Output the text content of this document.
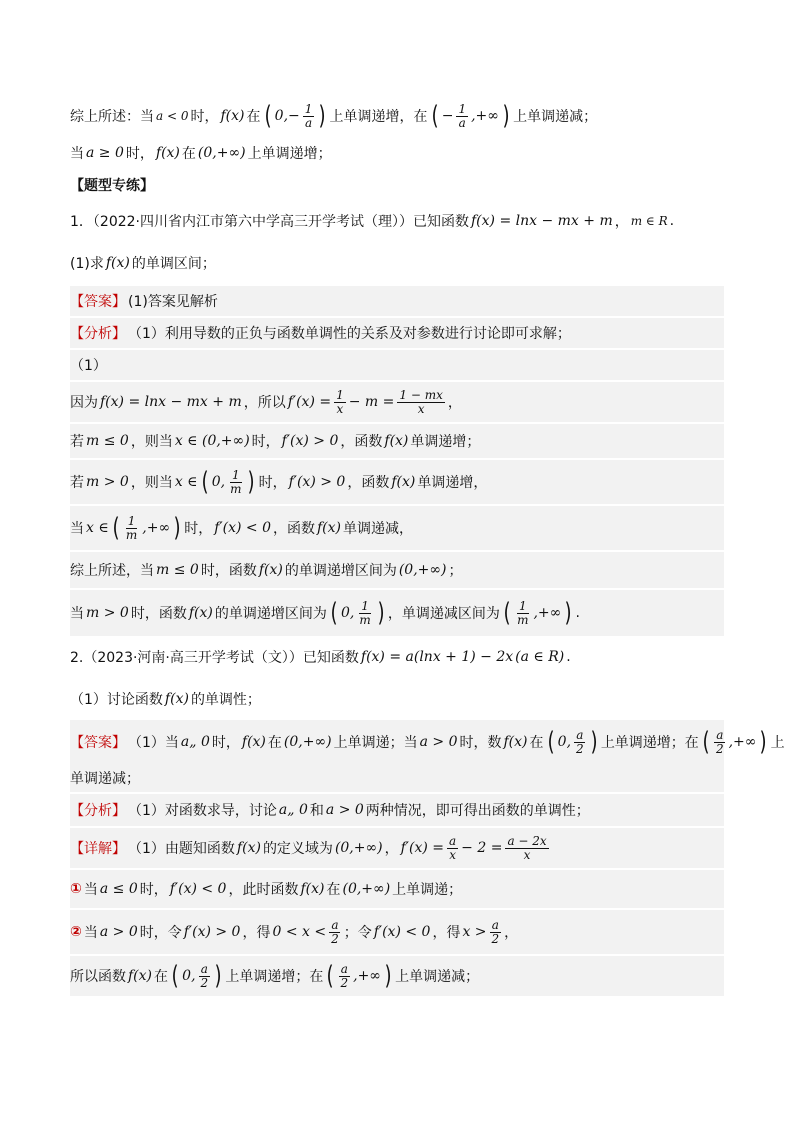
综上所述：当 a < 0 时， f(x) 在 ( $0,- \frac{1}{a}$ ) 上单调递增，在 ( − $\frac{1}{a}$ ,+∞ ) 上单调递减；
当 a ≥ 0 时， f(x) 在 (0,+∞) 上单调递增；
【题型专练】
1．（2022·四川省内江市第六中学高三开学考试（理））已知函数 f(x) = lnx − mx + m ， m ∈ R .
(1)求 f(x) 的单调区间；
【答案】 (1)答案见解析
【分析】 （1）利用导数的正负与函数单调性的关系及对参数进行讨论即可求解；
（1）
因为 f(x) = lnx − mx + m ，所以 $f'(x) = \frac{1}{x} - m = \frac{1 - mx}{x}$ ，
若 m ≤ 0 ，则当 x ∈ (0,+∞) 时， f′(x) > 0 ，函数 f(x) 单调递增；
若 m > 0 ，则当 x ∈ ( 0, $\frac{1}{m}$ ) 时， f′(x) > 0 ，函数 f(x) 单调递增，
当 x ∈ ( $\frac{1}{m}$ ,+∞ ) 时， f′(x) < 0 ，函数 f(x) 单调递减，
综上所述，当 m ≤ 0 时，函数 f(x) 的单调递增区间为 (0,+∞) ；
当 m > 0 时，函数 f(x) 的单调递增区间为 ( 0, $\frac{1}{m}$ ) ，单调递减区间为 ( $\frac{1}{m}$ ,+∞ ) .
2.（2023·河南·高三开学考试（文））已知函数 f(x) = a(lnx + 1) − 2x (a ∈ R) .
（1）讨论函数 f(x) 的单调性；
【答案】 （1）当 a„ 0 时， f(x) 在 (0,+∞) 上单调递；当 a > 0 时，数 f(x) 在 ( 0, $\frac{a}{2}$ ) 上单调递增；在 ( $\frac{a}{2}$ ,+∞ ) 上
单调递减；
【分析】 （1）对函数求导，讨论 a„ 0 和 a > 0 两种情况，即可得出函数的单调性；
【详解】 （1）由题知函数 f(x) 的定义域为 (0,+∞) ， $f'(x) = \frac{a}{x} - 2 = \frac{a - 2x}{x}$
① 当 a ≤ 0 时， f′(x) < 0 ，此时函数 f(x) 在 (0,+∞) 上单调递；
② 当 a > 0 时，令 f′(x) > 0 ，得 $0 < x < \frac{a}{2}$ ；令 f′(x) < 0 ，得 $x > \frac{a}{2}$ ，
所以函数 f(x) 在 ( 0, $\frac{a}{2}$ ) 上单调递增；在 ( $\frac{a}{2}$ ,+∞ ) 上单调递减；
